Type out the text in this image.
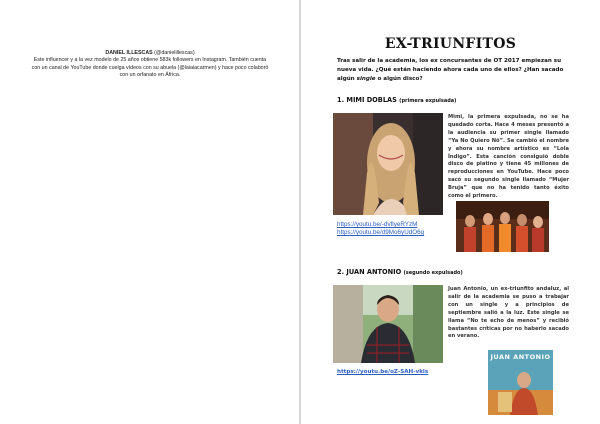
DANIEL ILLESCAS (@danielillescas)
Este influencer y a la vez modelo de 25 años obtiene 583k followers en Instagram. También cuenta con un canal de YouTube donde cuelga vídeos con su abuela (@laiaiacarmen) y hace poco colaboró con un orfanato en África.
EX-TRIUNFITOS
Tras salir de la academia, los ex concursantes de OT 2017 empiezan su nueva vida. ¿Qué están haciendo ahora cada uno de ellos? ¿Han sacado algún single o algún disco?
1. MIMI DOBLAS (primera expulsada)
Mimi, la primera expulsada, no se ha quedado corta. Hace 4 meses presentó a la audiencia su primer single llamado “Ya No Quiero Nö”. Se cambió el nombre y ahora su nombre artístico es “Lola Índigo”. Esta canción consiguió doble disco de platino y tiene 45 millones de reproducciones en YouTube. Hace poco sacó su segundo single llamado “Mujer Bruja” que no ha tenido tanto éxito como el primero.
https://youtu.be/-dvflyeRYzM
https://youtu.be/d9Mo6yUdO6g
2. JUAN ANTONIO (segundo expulsado)
Juan Antonio, un ex-triunfito andaluz, al salir de la academia se puso a trabajar con un single y a principios de septiembre salió a la luz. Este single se llama “No te echo de menos” y recibió bastantes críticas por no haberlo sacado en verano.
https://youtu.be/oZ-SAH-vkls
JUAN ANTONIO
